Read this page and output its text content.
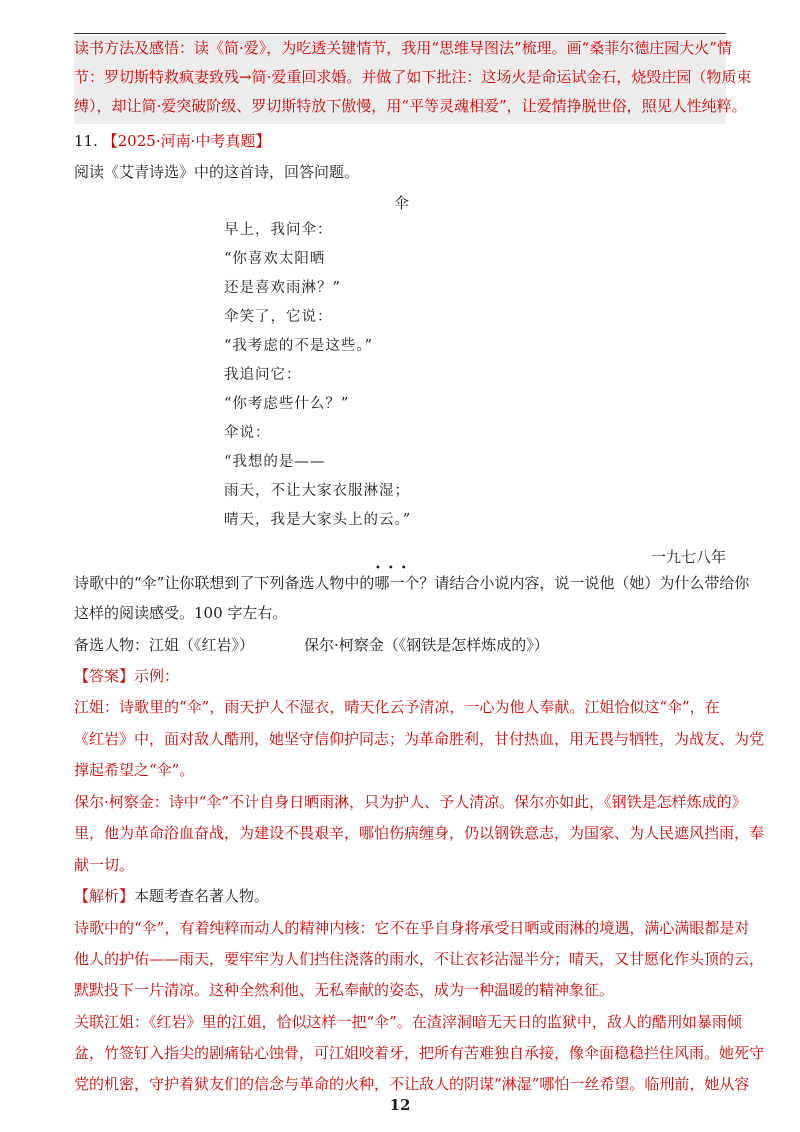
读书方法及感悟：读《简·爱》，为吃透关键情节，我用“思维导图法”梳理。画“桑菲尔德庄园大火”情
节：罗切斯特救疯妻致残→简·爱重回求婚。并做了如下批注：这场火是命运试金石，烧毁庄园（物质束
缚），却让简·爱突破阶级、罗切斯特放下傲慢，用“平等灵魂相爱”，让爱情挣脱世俗，照见人性纯粹。
11. 【2025·河南·中考真题】
阅读《艾青诗选》中的这首诗，回答问题。
伞
早上，我问伞：
“你喜欢太阳晒
还是喜欢雨淋？”
伞笑了，它说：
“我考虑的不是这些。”
我追问它：
“你考虑些什么？”
伞说：
“我想的是——
雨天，不让大家衣服淋湿；
晴天，我是大家头上的云。”
一九七八年
•••
诗歌中的“伞”让你联想到了下列备选人物中的哪一个？请结合小说内容，说一说他（她）为什么带给你
这样的阅读感受。100 字左右。
备选人物：江姐（《红岩》）	保尔·柯察金（《钢铁是怎样炼成的》）
【答案】示例：
江姐：诗歌里的“伞”，雨天护人不湿衣，晴天化云予清凉，一心为他人奉献。江姐恰似这“伞”，在
《红岩》中，面对敌人酷刑，她坚守信仰护同志；为革命胜利，甘付热血，用无畏与牺牲，为战友、为党
撑起希望之“伞”。
保尔·柯察金：诗中“伞”不计自身日晒雨淋，只为护人、予人清凉。保尔亦如此，《钢铁是怎样炼成的》
里，他为革命浴血奋战，为建设不畏艰辛，哪怕伤病缠身，仍以钢铁意志，为国家、为人民遮风挡雨，奉
献一切。
【解析】本题考查名著人物。
诗歌中的“伞”，有着纯粹而动人的精神内核：它不在乎自身将承受日晒或雨淋的境遇，满心满眼都是对
他人的护佑——雨天，要牢牢为人们挡住浇落的雨水，不让衣衫沾湿半分；晴天，又甘愿化作头顶的云，
默默投下一片清凉。这种全然利他、无私奉献的姿态，成为一种温暖的精神象征。
关联江姐：《红岩》里的江姐，恰似这样一把“伞”。在渣滓洞暗无天日的监狱中，敌人的酷刑如暴雨倾
盆，竹签钉入指尖的剧痛钻心蚀骨，可江姐咬着牙，把所有苦难独自承接，像伞面稳稳拦住风雨。她死守
党的机密，守护着狱友们的信念与革命的火种，不让敌人的阴谋“淋湿”哪怕一丝希望。临刑前，她从容
12
